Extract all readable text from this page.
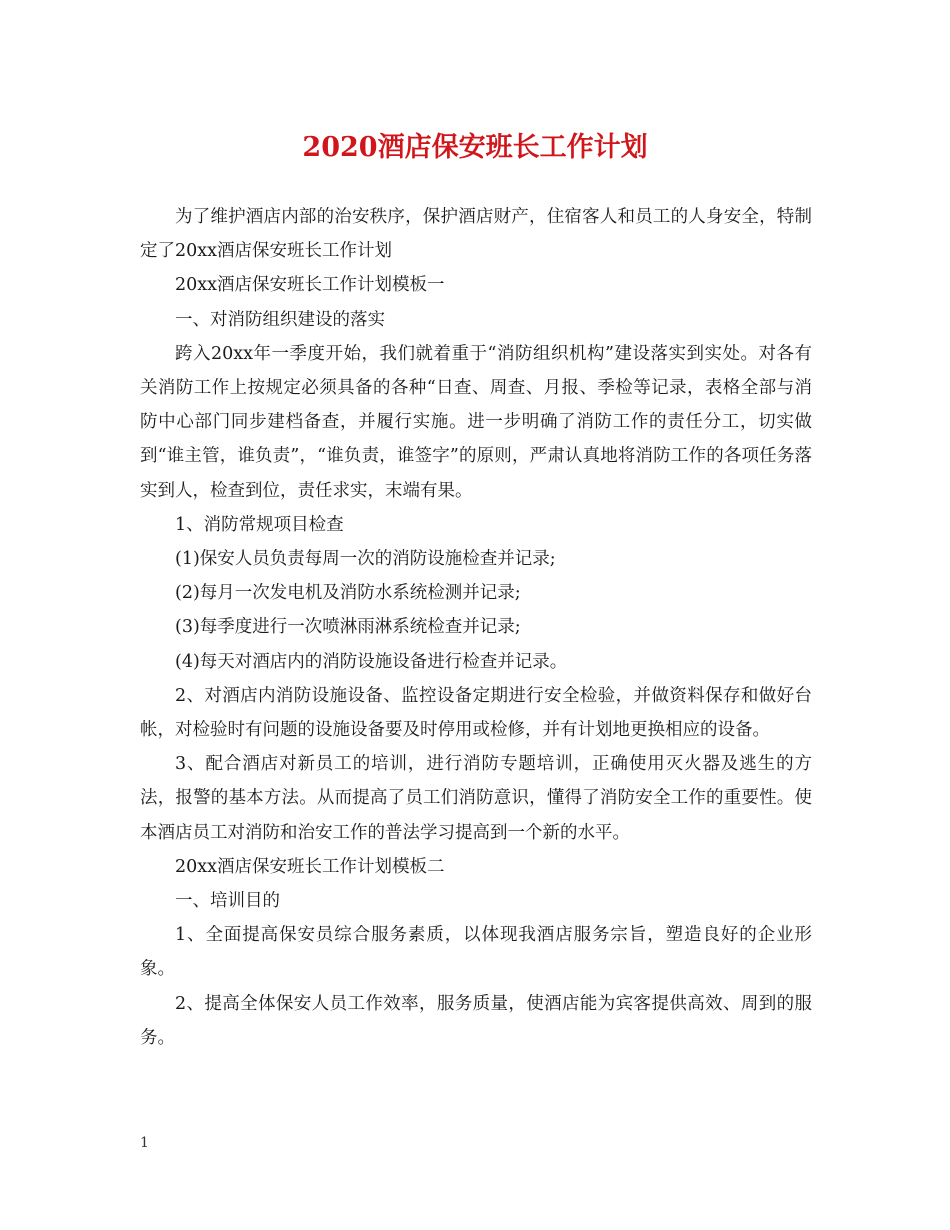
2020酒店保安班长工作计划

为了维护酒店内部的治安秩序，保护酒店财产，住宿客人和员工的人身安全，特制定了20xx酒店保安班长工作计划

20xx酒店保安班长工作计划模板一

一、对消防组织建设的落实

跨入20xx年一季度开始，我们就着重于“消防组织机构”建设落实到实处。对各有关消防工作上按规定必须具备的各种“日查、周查、月报、季检等记录，表格全部与消防中心部门同步建档备查，并履行实施。进一步明确了消防工作的责任分工，切实做到“谁主管，谁负责”，“谁负责，谁签字”的原则，严肃认真地将消防工作的各项任务落实到人，检查到位，责任求实，末端有果。

1、消防常规项目检查

(1)保安人员负责每周一次的消防设施检查并记录;

(2)每月一次发电机及消防水系统检测并记录;

(3)每季度进行一次喷淋雨淋系统检查并记录;

(4)每天对酒店内的消防设施设备进行检查并记录。

2、对酒店内消防设施设备、监控设备定期进行安全检验，并做资料保存和做好台帐，对检验时有问题的设施设备要及时停用或检修，并有计划地更换相应的设备。

3、配合酒店对新员工的培训，进行消防专题培训，正确使用灭火器及逃生的方法，报警的基本方法。从而提高了员工们消防意识，懂得了消防安全工作的重要性。使本酒店员工对消防和治安工作的普法学习提高到一个新的水平。

20xx酒店保安班长工作计划模板二

一、培训目的

1、全面提高保安员综合服务素质，以体现我酒店服务宗旨，塑造良好的企业形象。

2、提高全体保安人员工作效率，服务质量，使酒店能为宾客提供高效、周到的服务。

1
